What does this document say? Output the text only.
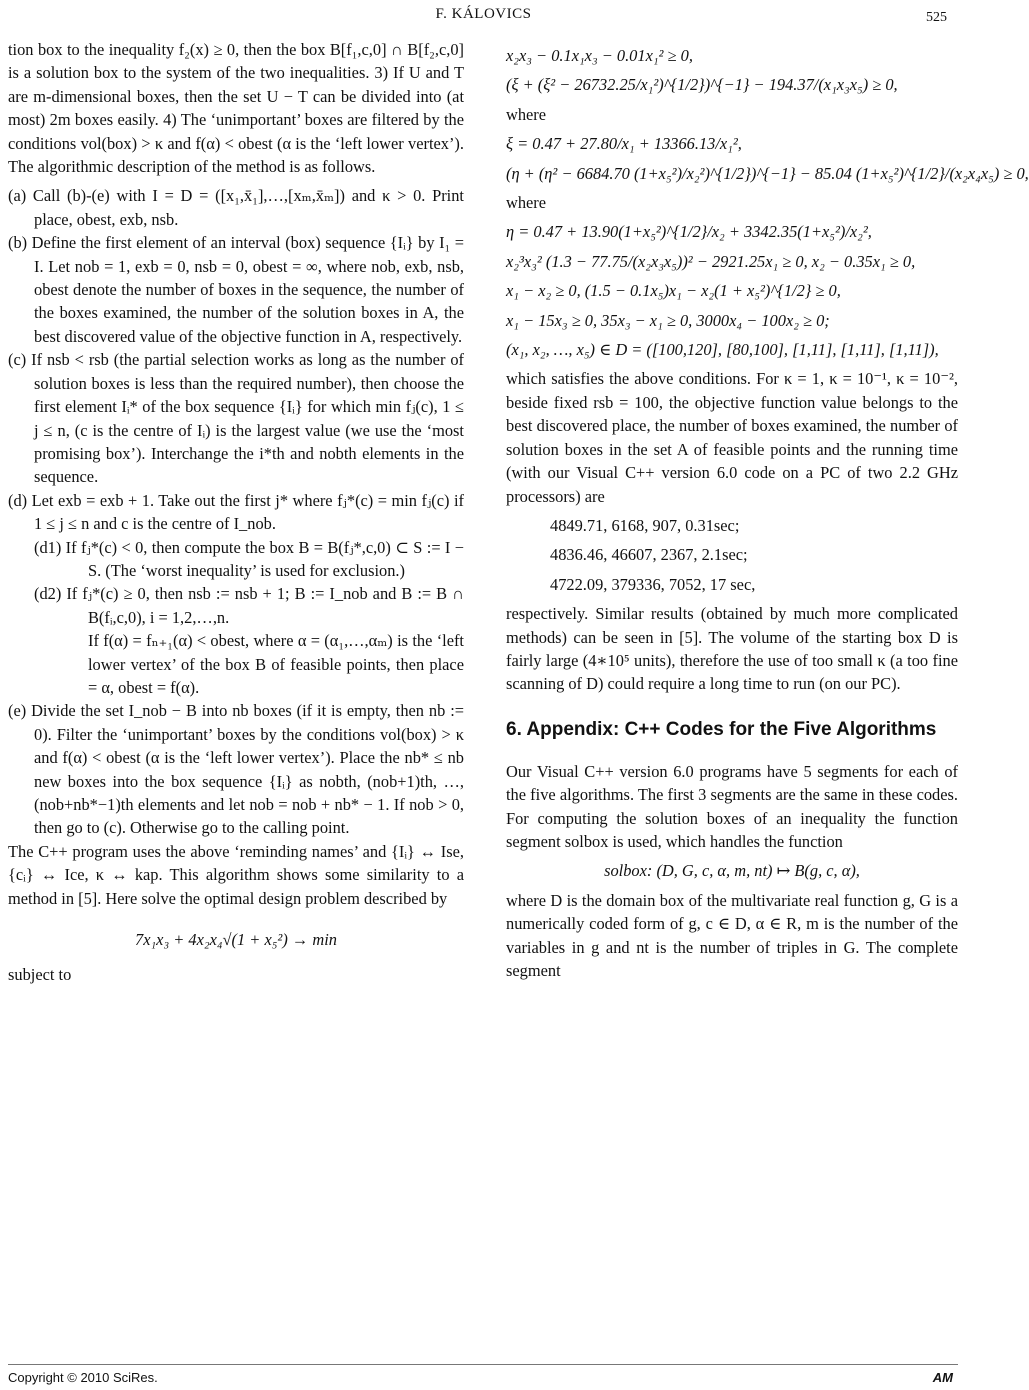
F. KÁLOVICS	525

tion box to the inequality f₂(x) ≥ 0, then the box B[f₁,c,0] ∩ B[f₂,c,0] is a solution box to the system of the two inequalities. 3) If U and T are m-dimensional boxes, then the set U − T can be divided into (at most) 2m boxes easily. 4) The ‘unimportant’ boxes are filtered by the conditions vol(box) > κ and f(α) < obest (α is the ‘left lower vertex’). The algorithmic description of the method is as follows.

(a) Call (b)-(e) with I = D = ([x₁,x̄₁],…,[xₘ,x̄ₘ]) and κ > 0. Print place, obest, exb, nsb.

(b) Define the first element of an interval (box) sequence {Iᵢ} by I₁ = I. Let nob = 1, exb = 0, nsb = 0, obest = ∞, where nob, exb, nsb, obest denote the number of boxes in the sequence, the number of the boxes examined, the number of the solution boxes in A, the best discovered value of the objective function in A, respectively.

(c) If nsb < rsb (the partial selection works as long as the number of solution boxes is less than the required number), then choose the first element Iᵢ* of the box sequence {Iᵢ} for which min fⱼ(c), 1 ≤ j ≤ n, (c is the centre of Iᵢ) is the largest value (we use the ‘most promising box’). Interchange the i*th and nobth elements in the sequence.

(d) Let exb = exb + 1. Take out the first j* where fⱼ*(c) = min fⱼ(c) if 1 ≤ j ≤ n and c is the centre of I_nob.

(d1) If fⱼ*(c) < 0, then compute the box B = B(fⱼ*,c,0) ⊂ S := I − S. (The ‘worst inequality’ is used for exclusion.)

(d2) If fⱼ*(c) ≥ 0, then nsb := nsb + 1; B := I_nob and B := B ∩ B(fᵢ,c,0), i = 1,2,…,n.

If f(α) = fₙ₊₁(α) < obest, where α = (α₁,…,αₘ) is the ‘left lower vertex’ of the box B of feasible points, then place = α, obest = f(α).

(e) Divide the set I_nob − B into nb boxes (if it is empty, then nb := 0). Filter the ‘unimportant’ boxes by the conditions vol(box) > κ and f(α) < obest (α is the ‘left lower vertex’). Place the nb* ≤ nb new boxes into the box sequence {Iᵢ} as nobth, (nob+1)th, …, (nob+nb*−1)th elements and let nob = nob + nb* − 1. If nob > 0, then go to (c). Otherwise go to the calling point.

The C++ program uses the above ‘reminding names’ and {Iᵢ} ↔ Ise, {cᵢ} ↔ Ice, κ ↔ kap. This algorithm shows some similarity to a method in [5]. Here solve the optimal design problem described by

7x₁x₃ + 4x₂x₄√(1 + x₅²) → min

subject to

x₂x₃ − 0.1x₁x₃ − 0.01x₁² ≥ 0,

(ξ + (ξ² − 26732.25/x₁²)^{1/2})^{−1} − 194.37/(x₁x₃x₅) ≥ 0,

where

ξ = 0.47 + 27.80/x₁ + 13366.13/x₁²,

(η + (η² − 6684.70 (1+x₅²)/x₂²)^{1/2})^{−1} − 85.04 (1+x₅²)^{1/2}/(x₂x₄x₅) ≥ 0,

where

η = 0.47 + 13.90(1+x₅²)^{1/2}/x₂ + 3342.35(1+x₅²)/x₂²,

x₂³x₃² (1.3 − 77.75/(x₂x₃x₅))² − 2921.25x₁ ≥ 0, x₂ − 0.35x₁ ≥ 0,

x₁ − x₂ ≥ 0, (1.5 − 0.1x₅)x₁ − x₂(1 + x₅²)^{1/2} ≥ 0,

x₁ − 15x₃ ≥ 0, 35x₃ − x₁ ≥ 0, 3000x₄ − 100x₂ ≥ 0;

(x₁, x₂, …, x₅) ∈ D = ([100,120], [80,100], [1,11], [1,11], [1,11]),

which satisfies the above conditions. For κ = 1, κ = 10⁻¹, κ = 10⁻², beside fixed rsb = 100, the objective function value belongs to the best discovered place, the number of boxes examined, the number of solution boxes in the set A of feasible points and the running time (with our Visual C++ version 6.0 code on a PC of two 2.2 GHz processors) are

4849.71, 6168, 907, 0.31sec;

4836.46, 46607, 2367, 2.1sec;

4722.09, 379336, 7052, 17 sec,

respectively. Similar results (obtained by much more complicated methods) can be seen in [5]. The volume of the starting box D is fairly large (4∗10⁵ units), therefore the use of too small κ (a too fine scanning of D) could require a long time to run (on our PC).

6. Appendix: C++ Codes for the Five Algorithms

Our Visual C++ version 6.0 programs have 5 segments for each of the five algorithms. The first 3 segments are the same in these codes. For computing the solution boxes of an inequality the function segment solbox is used, which handles the function

solbox: (D, G, c, α, m, nt) ↦ B(g, c, α),

where D is the domain box of the multivariate real function g, G is a numerically coded form of g, c ∈ D, α ∈ R, m is the number of the variables in g and nt is the number of triples in G. The complete segment

Copyright © 2010 SciRes.	AM
